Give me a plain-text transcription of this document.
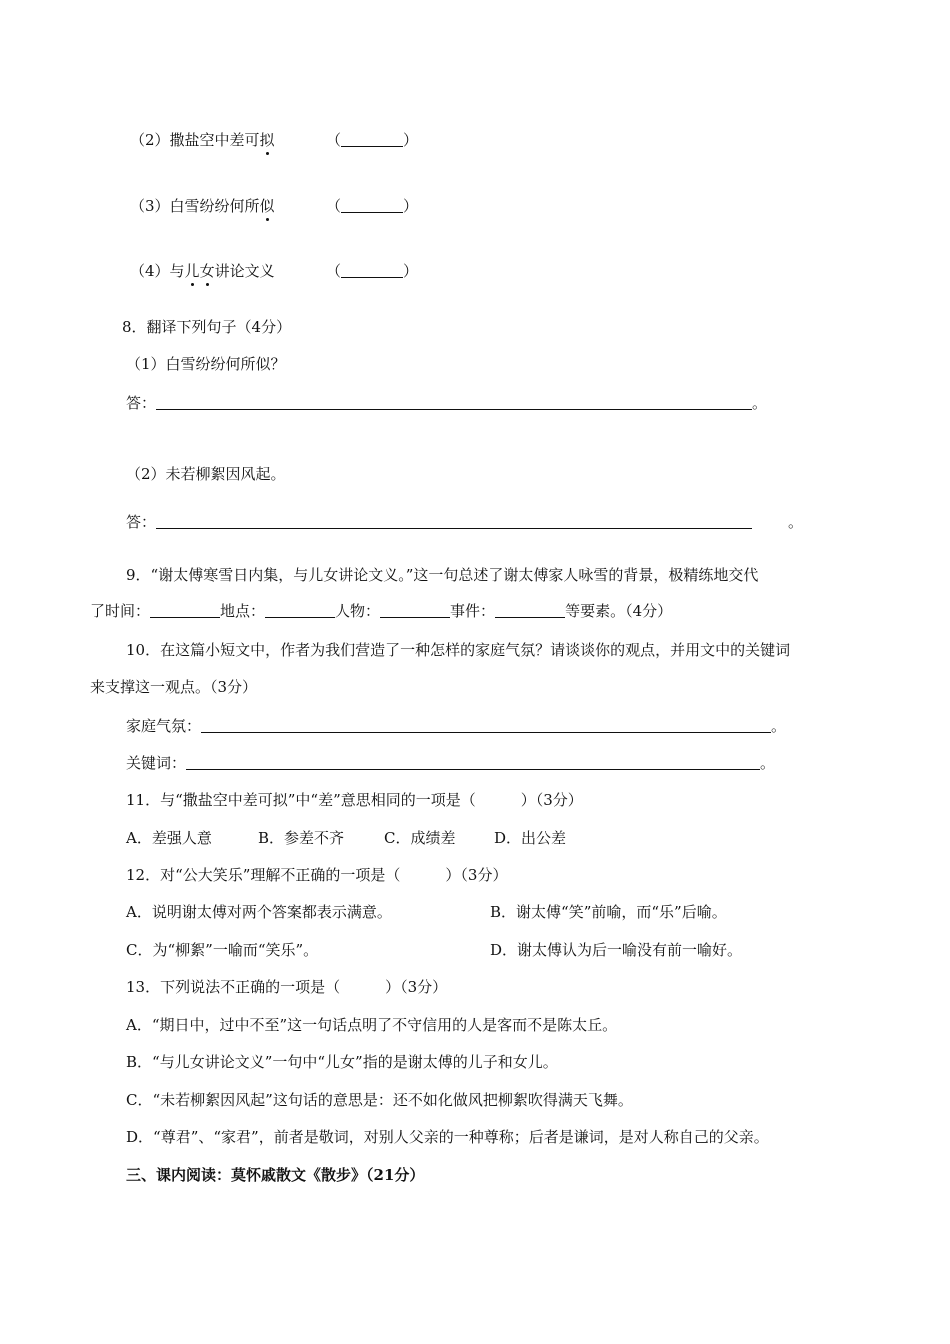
（2）撒盐空中差可拟	（	）
（3）白雪纷纷何所似	（	）
（4）与儿女讲论文义	（	）
8．翻译下列句子（4分）
（1）白雪纷纷何所似？
答：	。
（2）未若柳絮因风起。
答：	。
9．“谢太傅寒雪日内集，与儿女讲论文义。”这一句总述了谢太傅家人咏雪的背景，极精练地交代
了时间：	地点：	人物：	事件：	等要素。（4分）
10．在这篇小短文中，作者为我们营造了一种怎样的家庭气氛？请谈谈你的观点，并用文中的关键词
来支撑这一观点。（3分）
家庭气氛：	。
关键词：	。
11．与“撒盐空中差可拟”中“差”意思相同的一项是（　　　）（3分）
A．差强人意	B．参差不齐	C．成绩差	D．出公差
12．对“公大笑乐”理解不正确的一项是（　　　）（3分）
A．说明谢太傅对两个答案都表示满意。	B．谢太傅“笑”前喻，而“乐”后喻。
C．为“柳絮”一喻而“笑乐”。	D．谢太傅认为后一喻没有前一喻好。
13．下列说法不正确的一项是（　　　）（3分）
A．“期日中，过中不至”这一句话点明了不守信用的人是客而不是陈太丘。
B．“与儿女讲论文义”一句中“儿女”指的是谢太傅的儿子和女儿。
C．“未若柳絮因风起”这句话的意思是：还不如化做风把柳絮吹得满天飞舞。
D．“尊君”、“家君”，前者是敬词，对别人父亲的一种尊称；后者是谦词，是对人称自己的父亲。
三、课内阅读：莫怀戚散文《散步》（21分）
